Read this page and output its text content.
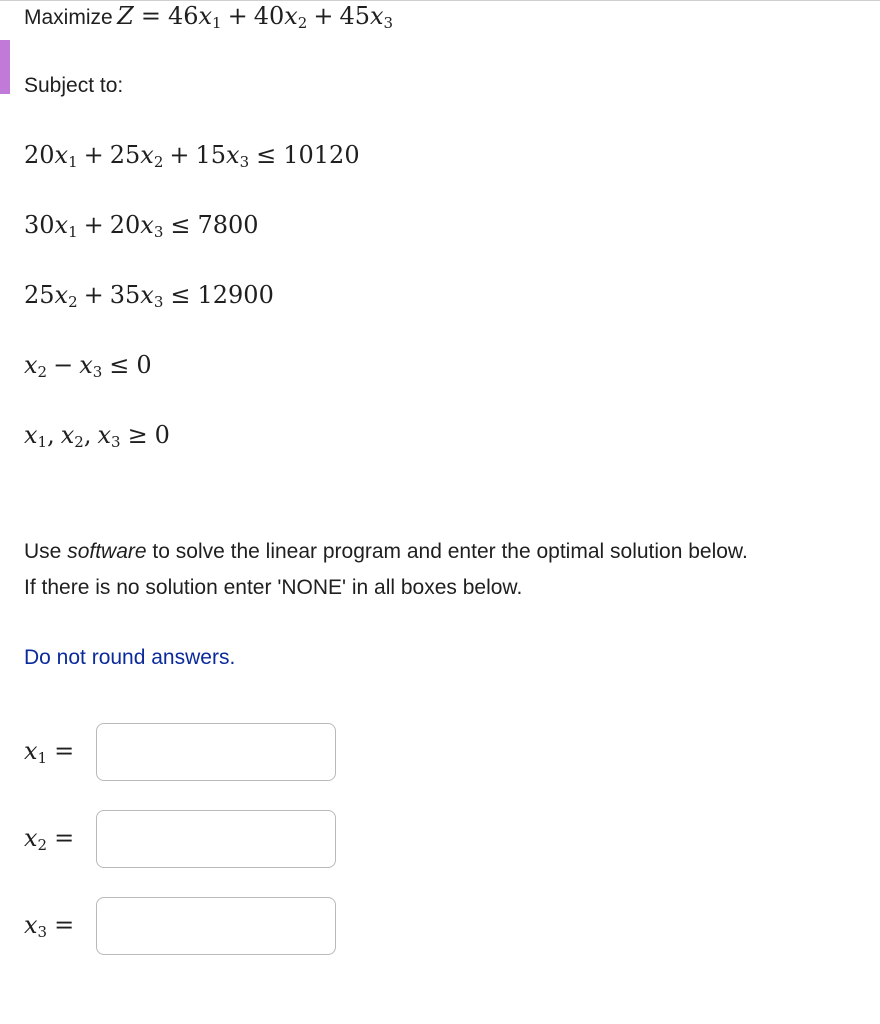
Maximize $Z = 46x_1 + 40x_2 + 45x_3$
Subject to:
$20x_1 + 25x_2 + 15x_3 \le 10120$
$30x_1 + 20x_3 \le 7800$
$25x_2 + 35x_3 \le 12900$
$x_2 - x_3 \le 0$
$x_1$, $x_2$, $x_3 \ge 0$
Use software to solve the linear program and enter the optimal solution below.
If there is no solution enter 'NONE' in all boxes below.
Do not round answers.
$x_1$ =
$x_2$ =
$x_3$ =
